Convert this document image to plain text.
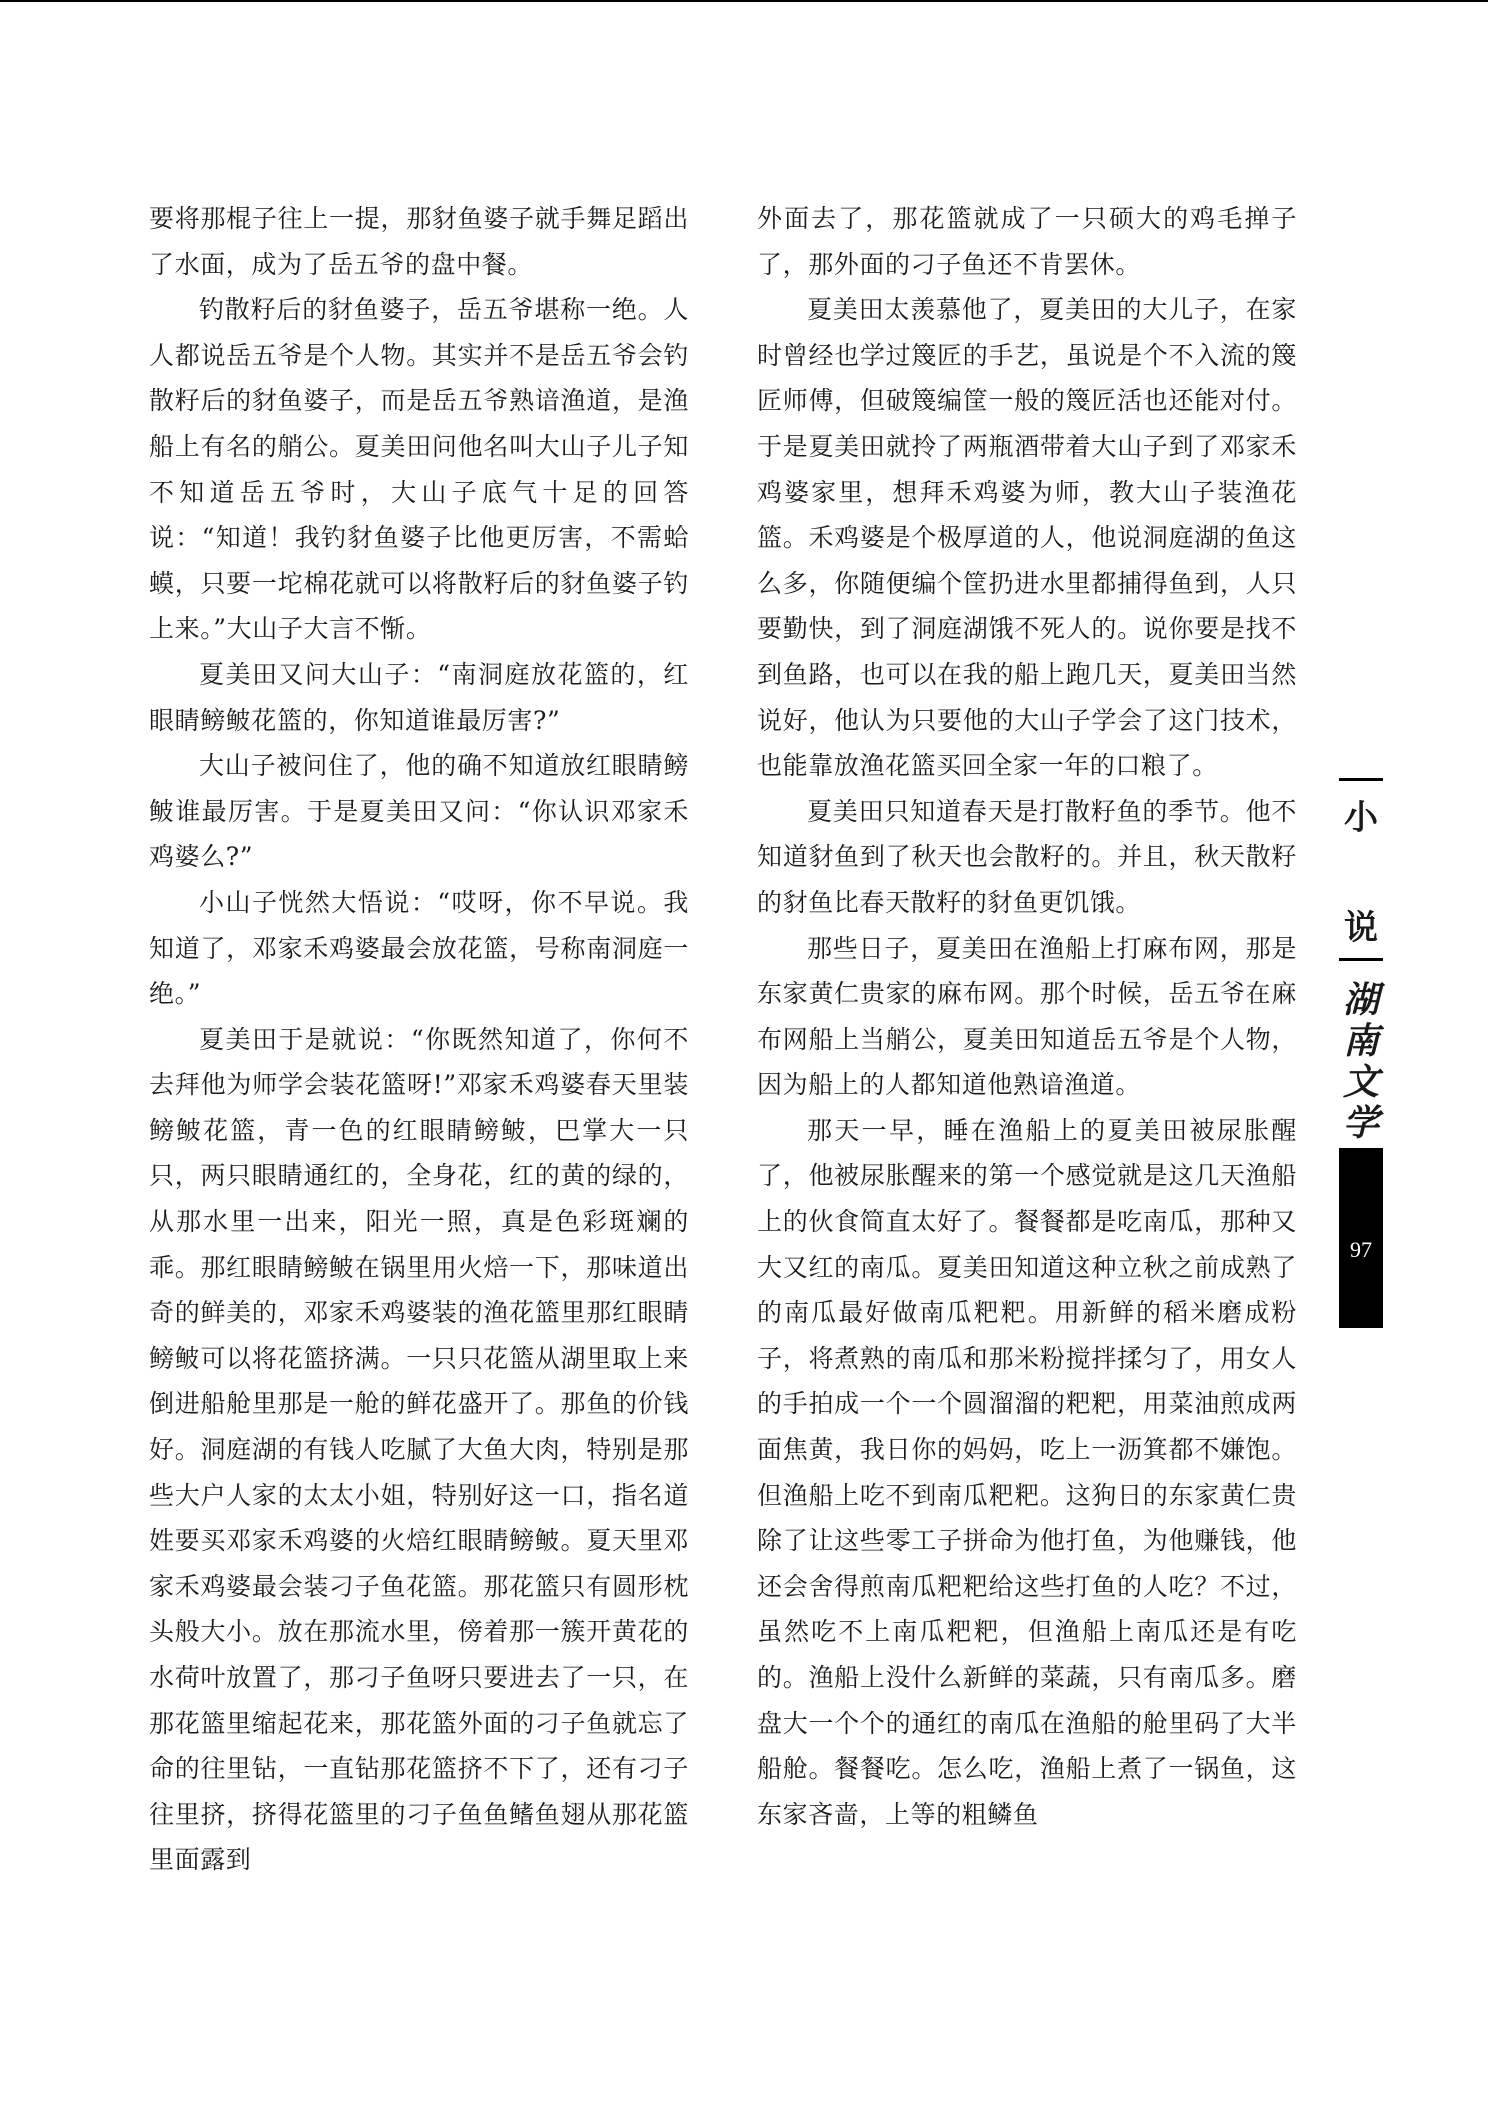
要将那棍子往上一提，那豺鱼婆子就手舞足蹈出了水面，成为了岳五爷的盘中餐。

钓散籽后的豺鱼婆子，岳五爷堪称一绝。人人都说岳五爷是个人物。其实并不是岳五爷会钓散籽后的豺鱼婆子，而是岳五爷熟谙渔道，是渔船上有名的艄公。夏美田问他名叫大山子儿子知不知道岳五爷时，大山子底气十足的回答说：“知道！我钓豺鱼婆子比他更厉害，不需蛤蟆，只要一坨棉花就可以将散籽后的豺鱼婆子钓上来。”大山子大言不惭。

夏美田又问大山子：“南洞庭放花篮的，红眼睛鳑鲏花篮的，你知道谁最厉害?”

大山子被问住了，他的确不知道放红眼睛鳑鲏谁最厉害。于是夏美田又问：“你认识邓家禾鸡婆么?”

小山子恍然大悟说：“哎呀，你不早说。我知道了，邓家禾鸡婆最会放花篮，号称南洞庭一绝。”

夏美田于是就说：“你既然知道了，你何不去拜他为师学会装花篮呀!”邓家禾鸡婆春天里装鳑鲏花篮，青一色的红眼睛鳑鲏，巴掌大一只只，两只眼睛通红的，全身花，红的黄的绿的，从那水里一出来，阳光一照，真是色彩斑斓的乖。那红眼睛鳑鲏在锅里用火焙一下，那味道出奇的鲜美的，邓家禾鸡婆装的渔花篮里那红眼睛鳑鲏可以将花篮挤满。一只只花篮从湖里取上来倒进船舱里那是一舱的鲜花盛开了。那鱼的价钱好。洞庭湖的有钱人吃腻了大鱼大肉，特别是那些大户人家的太太小姐，特别好这一口，指名道姓要买邓家禾鸡婆的火焙红眼睛鳑鲏。夏天里邓家禾鸡婆最会装刁子鱼花篮。那花篮只有圆形枕头般大小。放在那流水里，傍着那一簇开黄花的水荷叶放置了，那刁子鱼呀只要进去了一只，在那花篮里缩起花来，那花篮外面的刁子鱼就忘了命的往里钻，一直钻那花篮挤不下了，还有刁子往里挤，挤得花篮里的刁子鱼鱼鳍鱼翅从那花篮里面露到

外面去了，那花篮就成了一只硕大的鸡毛掸子了，那外面的刁子鱼还不肯罢休。

夏美田太羡慕他了，夏美田的大儿子，在家时曾经也学过篾匠的手艺，虽说是个不入流的篾匠师傅，但破篾编筐一般的篾匠活也还能对付。于是夏美田就拎了两瓶酒带着大山子到了邓家禾鸡婆家里，想拜禾鸡婆为师，教大山子装渔花篮。禾鸡婆是个极厚道的人，他说洞庭湖的鱼这么多，你随便编个筐扔进水里都捕得鱼到，人只要勤快，到了洞庭湖饿不死人的。说你要是找不到鱼路，也可以在我的船上跑几天，夏美田当然说好，他认为只要他的大山子学会了这门技术，也能靠放渔花篮买回全家一年的口粮了。

夏美田只知道春天是打散籽鱼的季节。他不知道豺鱼到了秋天也会散籽的。并且，秋天散籽的豺鱼比春天散籽的豺鱼更饥饿。

那些日子，夏美田在渔船上打麻布网，那是东家黄仁贵家的麻布网。那个时候，岳五爷在麻布网船上当艄公，夏美田知道岳五爷是个人物，因为船上的人都知道他熟谙渔道。

那天一早，睡在渔船上的夏美田被尿胀醒了，他被尿胀醒来的第一个感觉就是这几天渔船上的伙食简直太好了。餐餐都是吃南瓜，那种又大又红的南瓜。夏美田知道这种立秋之前成熟了的南瓜最好做南瓜粑粑。用新鲜的稻米磨成粉子，将煮熟的南瓜和那米粉搅拌揉匀了，用女人的手拍成一个一个圆溜溜的粑粑，用菜油煎成两面焦黄，我日你的妈妈，吃上一沥箕都不嫌饱。但渔船上吃不到南瓜粑粑。这狗日的东家黄仁贵除了让这些零工子拼命为他打鱼，为他赚钱，他还会舍得煎南瓜粑粑给这些打鱼的人吃？不过，虽然吃不上南瓜粑粑，但渔船上南瓜还是有吃的。渔船上没什么新鲜的菜蔬，只有南瓜多。磨盘大一个个的通红的南瓜在渔船的舱里码了大半船舱。餐餐吃。怎么吃，渔船上煮了一锅鱼，这东家吝啬，上等的粗鳞鱼

小
说
湖
南
文
学
97
